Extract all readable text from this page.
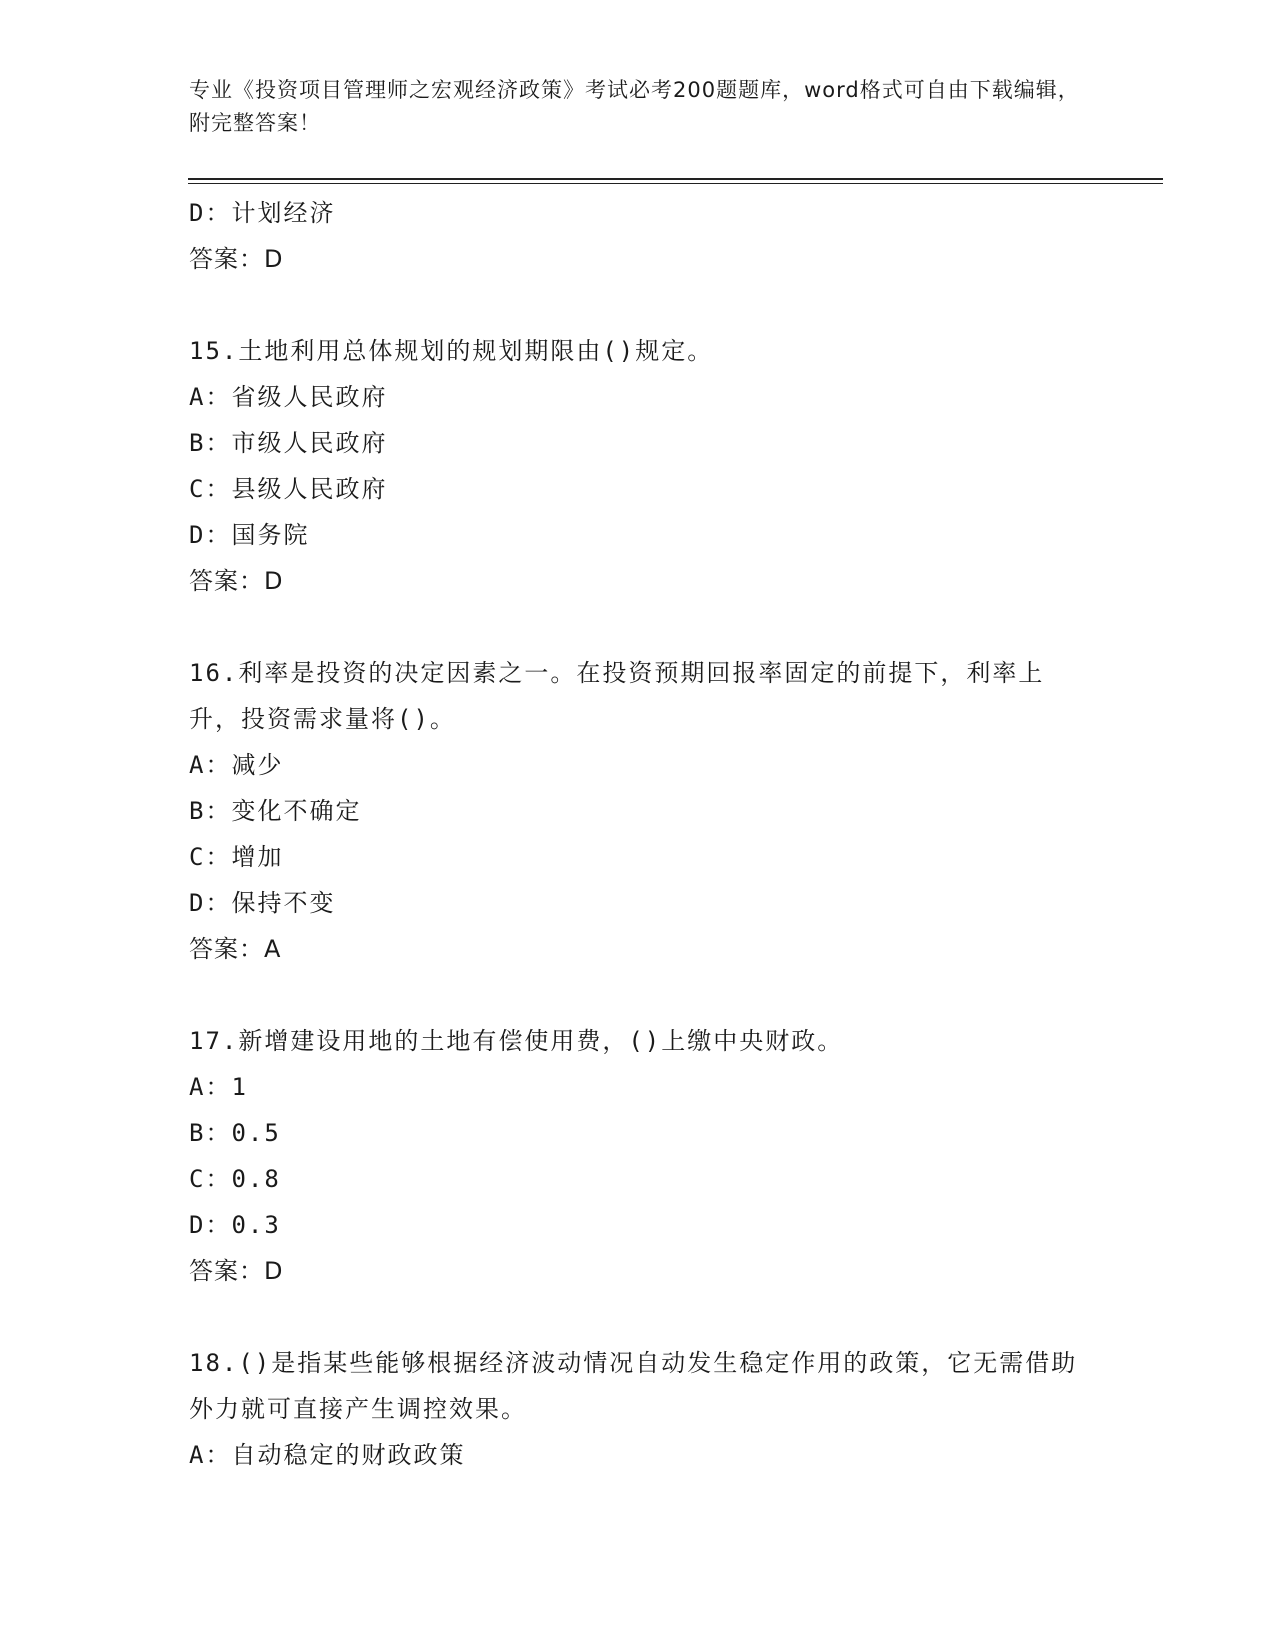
专业《投资项目管理师之宏观经济政策》考试必考200题题库，word格式可自由下载编辑，附完整答案！
D：计划经济
答案：D
15.土地利用总体规划的规划期限由()规定。
A：省级人民政府
B：市级人民政府
C：县级人民政府
D：国务院
答案：D
16.利率是投资的决定因素之一。在投资预期回报率固定的前提下，利率上升，投资需求量将()。
A：减少
B：变化不确定
C：增加
D：保持不变
答案：A
17.新增建设用地的土地有偿使用费，()上缴中央财政。
A：1
B：0.5
C：0.8
D：0.3
答案：D
18.()是指某些能够根据经济波动情况自动发生稳定作用的政策，它无需借助外力就可直接产生调控效果。
A：自动稳定的财政政策
